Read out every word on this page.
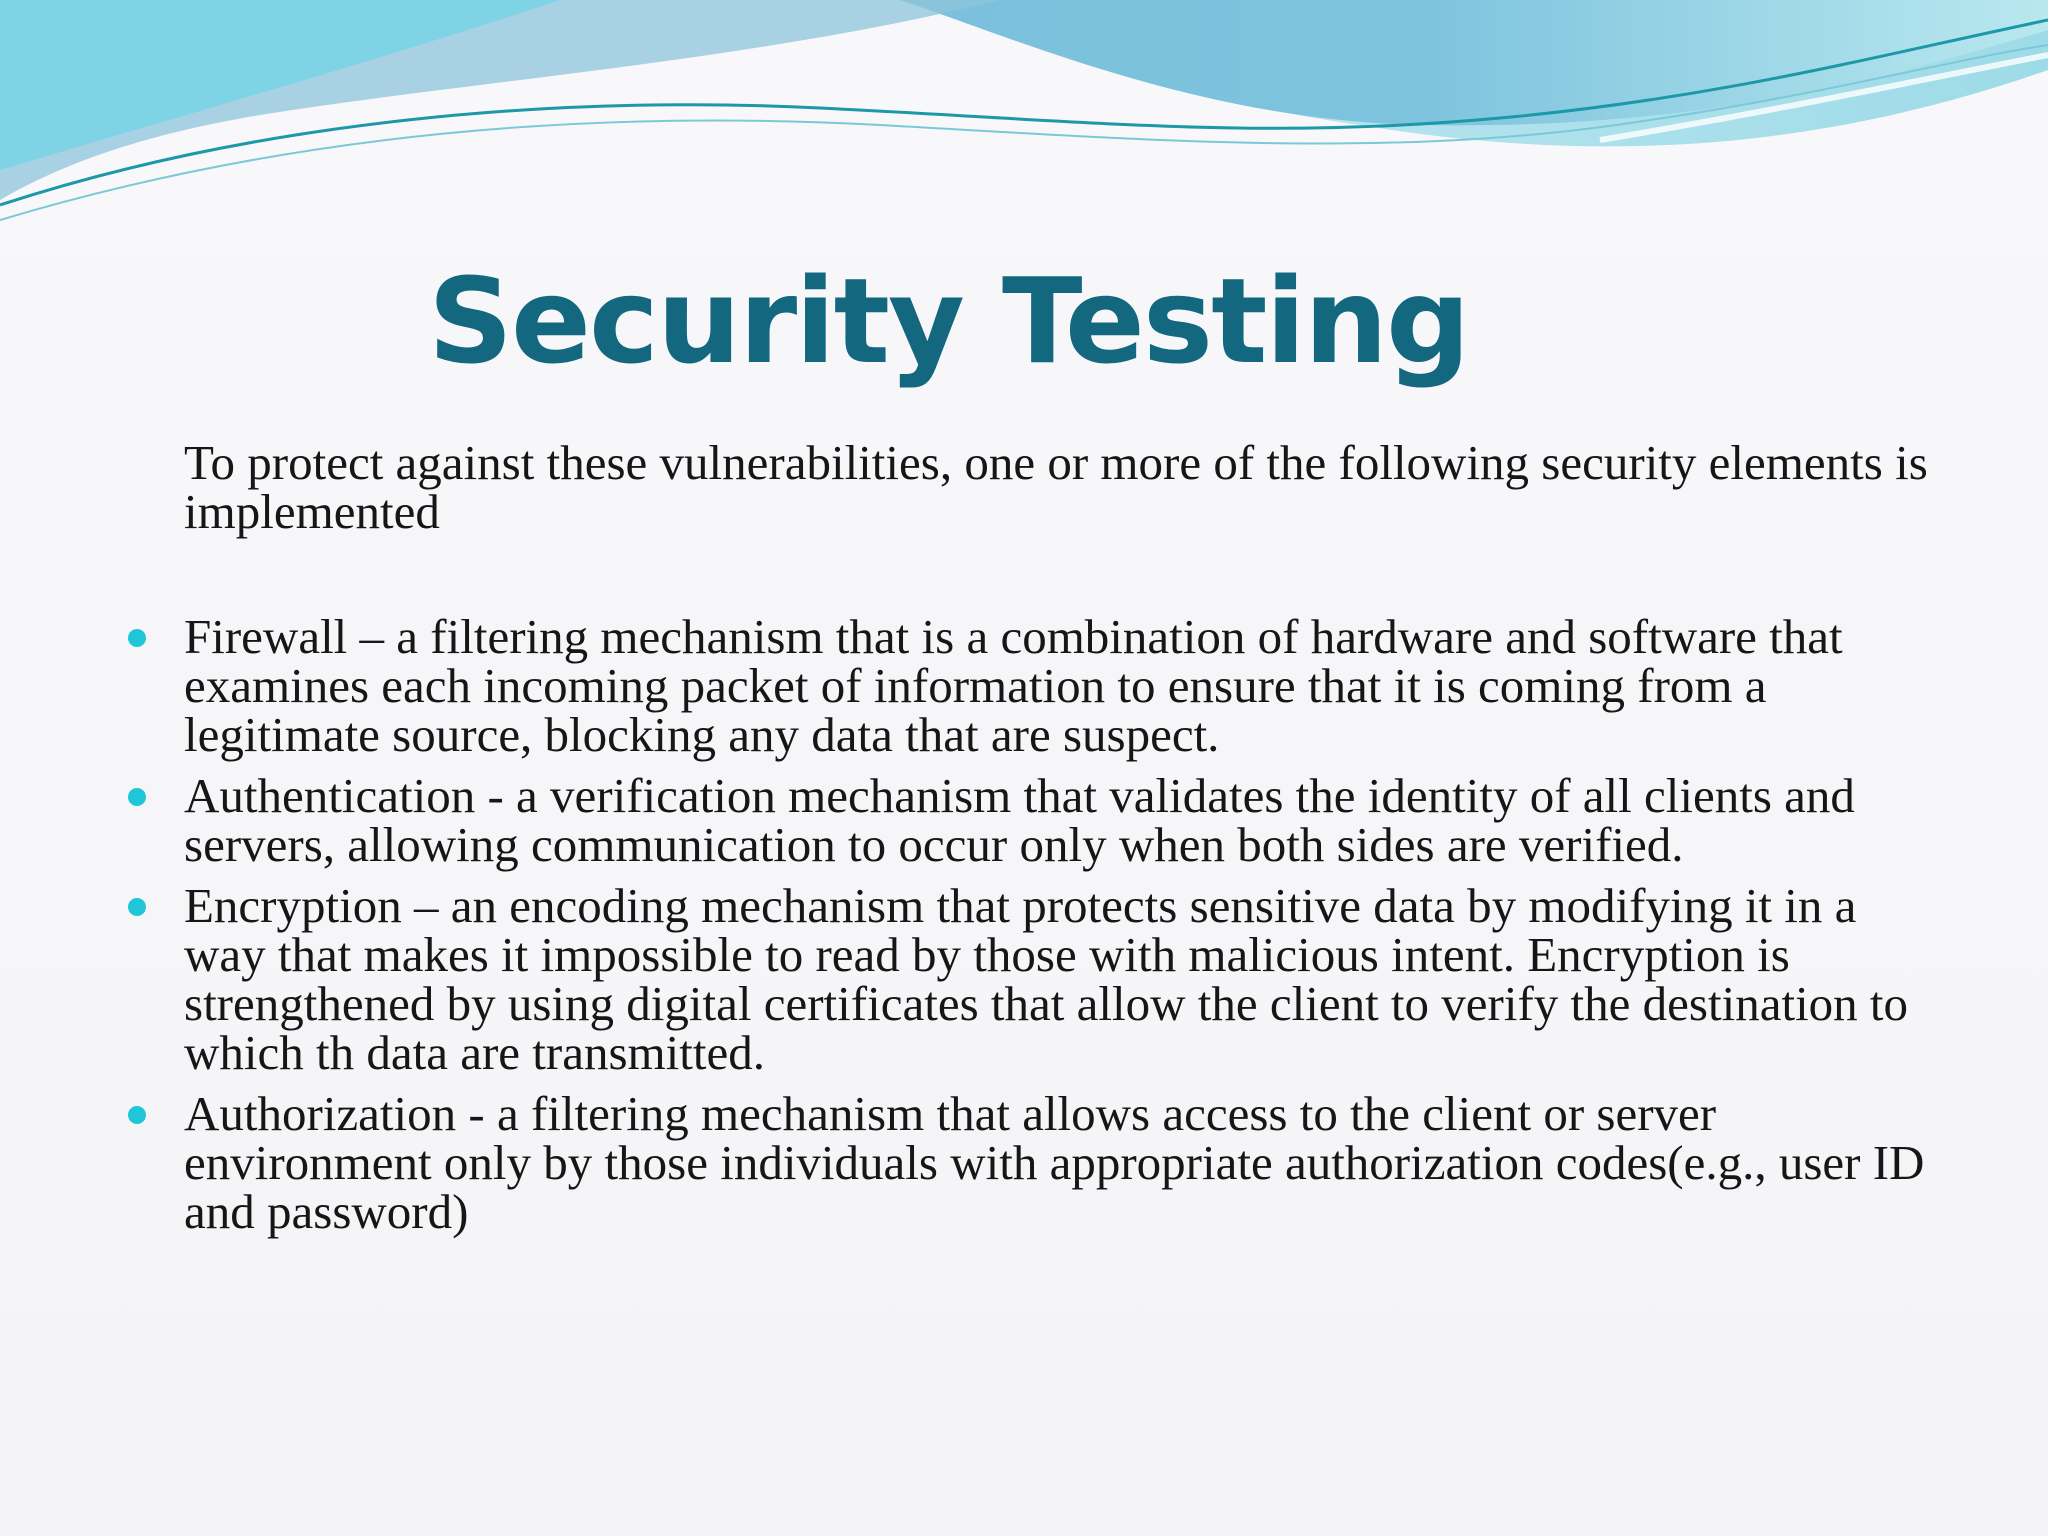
Security Testing

To protect against these vulnerabilities, one or more of the following security elements is implemented

Firewall – a filtering mechanism that is a combination of hardware and software that examines each incoming packet of information to ensure that it is coming from a legitimate source, blocking any data that are suspect.
Authentication - a verification mechanism that validates the identity of all clients and servers, allowing communication to occur only when both sides are verified.
Encryption – an encoding mechanism that protects sensitive data by modifying it in a way that makes it impossible to read by those with malicious intent. Encryption is strengthened by using digital certificates that allow the client to verify the destination to which th data are transmitted.
Authorization - a filtering mechanism that allows access to the client or server environment only by those individuals with appropriate authorization codes(e.g., user ID and password)
